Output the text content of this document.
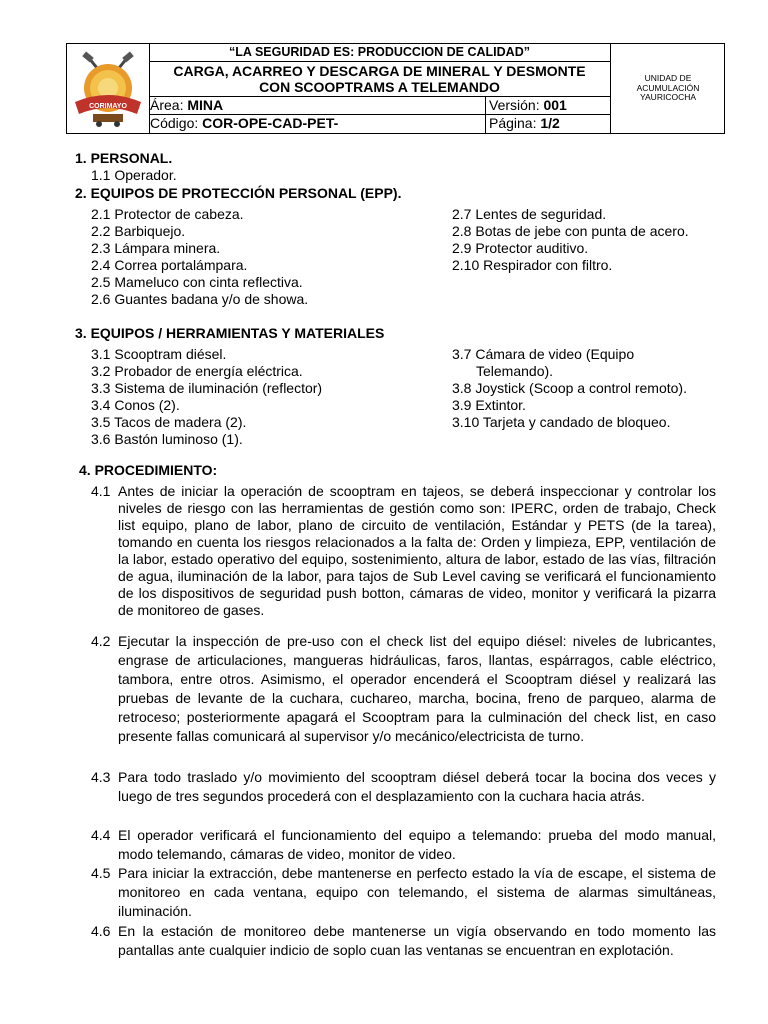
CORIMAYO
“LA SEGURIDAD ES: PRODUCCION DE CALIDAD”
CARGA, ACARREO Y DESCARGA DE MINERAL Y DESMONTE
CON SCOOPTRAMS A TELEMANDO
Área: MINA	Versión: 001
Código: COR-OPE-CAD-PET-	Página: 1/2
UNIDAD DE
ACUMULACIÓN
YAURICOCHA
1. PERSONAL.
1.1 Operador.
2. EQUIPOS DE PROTECCIÓN PERSONAL (EPP).
2.1 Protector de cabeza.
2.2 Barbiquejo.
2.3 Lámpara minera.
2.4 Correa portalámpara.
2.5 Mameluco con cinta reflectiva.
2.6 Guantes badana y/o de showa.
2.7 Lentes de seguridad.
2.8 Botas de jebe con punta de acero.
2.9 Protector auditivo.
2.10 Respirador con filtro.
3. EQUIPOS / HERRAMIENTAS Y MATERIALES
3.1 Scooptram diésel.
3.2 Probador de energía eléctrica.
3.3 Sistema de iluminación (reflector)
3.4 Conos (2).
3.5 Tacos de madera (2).
3.6 Bastón luminoso (1).
3.7 Cámara de video (Equipo
Telemando).
3.8 Joystick (Scoop a control remoto).
3.9 Extintor.
3.10 Tarjeta y candado de bloqueo.
4. PROCEDIMIENTO:
4.1 Antes de iniciar la operación de scooptram en tajeos, se deberá inspeccionar y controlar los niveles de riesgo con las herramientas de gestión como son: IPERC, orden de trabajo, Check list equipo, plano de labor, plano de circuito de ventilación, Estándar y PETS (de la tarea), tomando en cuenta los riesgos relacionados a la falta de: Orden y limpieza, EPP, ventilación de la labor, estado operativo del equipo, sostenimiento, altura de labor, estado de las vías, filtración de agua, iluminación de la labor, para tajos de Sub Level caving se verificará el funcionamiento de los dispositivos de seguridad push botton, cámaras de video, monitor y verificará la pizarra de monitoreo de gases.
4.2 Ejecutar la inspección de pre-uso con el check list del equipo diésel: niveles de lubricantes, engrase de articulaciones, mangueras hidráulicas, faros, llantas, espárragos, cable eléctrico, tambora, entre otros. Asimismo, el operador encenderá el Scooptram diésel y realizará las pruebas de levante de la cuchara, cuchareo, marcha, bocina, freno de parqueo, alarma de retroceso; posteriormente apagará el Scooptram para la culminación del check list, en caso presente fallas comunicará al supervisor y/o mecánico/electricista de turno.
4.3 Para todo traslado y/o movimiento del scooptram diésel deberá tocar la bocina dos veces y luego de tres segundos procederá con el desplazamiento con la cuchara hacia atrás.
4.4 El operador verificará el funcionamiento del equipo a telemando: prueba del modo manual, modo telemando, cámaras de video, monitor de video.
4.5 Para iniciar la extracción, debe mantenerse en perfecto estado la vía de escape, el sistema de monitoreo en cada ventana, equipo con telemando, el sistema de alarmas simultáneas, iluminación.
4.6 En la estación de monitoreo debe mantenerse un vigía observando en todo momento las pantallas ante cualquier indicio de soplo cuan las ventanas se encuentran en explotación.
